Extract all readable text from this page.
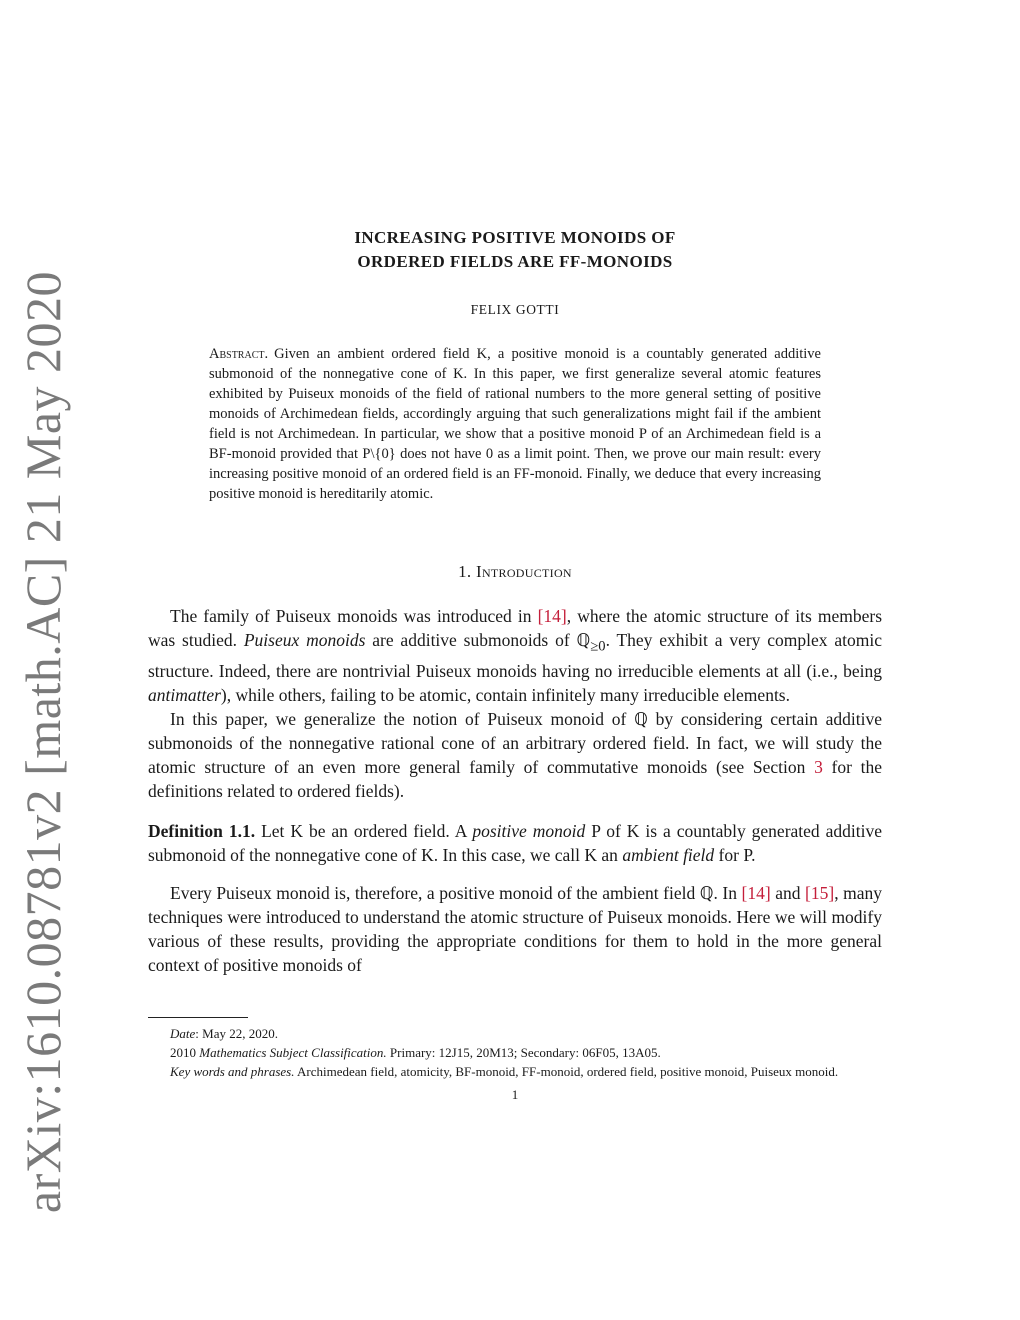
arXiv:1610.08781v2 [math.AC] 21 May 2020
INCREASING POSITIVE MONOIDS OF
ORDERED FIELDS ARE FF-MONOIDS
FELIX GOTTI
Abstract. Given an ambient ordered field K, a positive monoid is a countably generated additive submonoid of the nonnegative cone of K. In this paper, we first generalize several atomic features exhibited by Puiseux monoids of the field of rational numbers to the more general setting of positive monoids of Archimedean fields, accordingly arguing that such generalizations might fail if the ambient field is not Archimedean. In particular, we show that a positive monoid P of an Archimedean field is a BF-monoid provided that P\{0} does not have 0 as a limit point. Then, we prove our main result: every increasing positive monoid of an ordered field is an FF-monoid. Finally, we deduce that every increasing positive monoid is hereditarily atomic.
1. Introduction

The family of Puiseux monoids was introduced in [14], where the atomic structure of its members was studied. Puiseux monoids are additive submonoids of ℚ$_{\ge 0}$. They exhibit a very complex atomic structure. Indeed, there are nontrivial Puiseux monoids having no irreducible elements at all (i.e., being antimatter), while others, failing to be atomic, contain infinitely many irreducible elements.

In this paper, we generalize the notion of Puiseux monoid of ℚ by considering certain additive submonoids of the nonnegative rational cone of an arbitrary ordered field. In fact, we will study the atomic structure of an even more general family of commutative monoids (see Section 3 for the definitions related to ordered fields).

Definition 1.1. Let K be an ordered field. A positive monoid P of K is a countably generated additive submonoid of the nonnegative cone of K. In this case, we call K an ambient field for P.

Every Puiseux monoid is, therefore, a positive monoid of the ambient field ℚ. In [14] and [15], many techniques were introduced to understand the atomic structure of Puiseux monoids. Here we will modify various of these results, providing the appropriate conditions for them to hold in the more general context of positive monoids of

Date: May 22, 2020.
2010 Mathematics Subject Classification. Primary: 12J15, 20M13; Secondary: 06F05, 13A05.
Key words and phrases. Archimedean field, atomicity, BF-monoid, FF-monoid, ordered field, positive monoid, Puiseux monoid.
1
